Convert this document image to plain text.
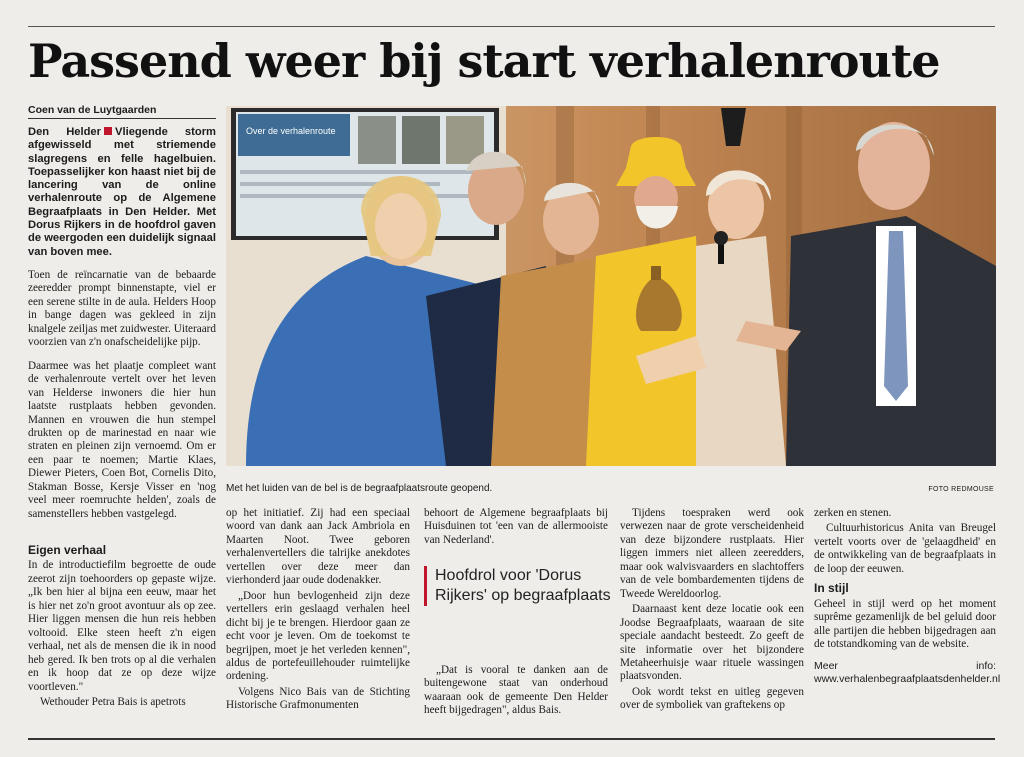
Passend weer bij start verhalenroute
Coen van de Luytgaarden

Den Helder Vliegende storm afgewisseld met striemende slagregens en felle hagelbuien. Toepasselijker kon haast niet bij de lancering van de online verhalenroute op de Algemene Begraafplaats in Den Helder. Met Dorus Rijkers in de hoofdrol gaven de weergoden een duidelijk signaal van boven mee.

Toen de reïncarnatie van de bebaarde zeeredder prompt binnenstapte, viel er een serene stilte in de aula. Helders Hoop in bange dagen was gekleed in zijn knalgele zeiljas met zuidwester. Uiteraard voorzien van z'n onafscheidelijke pijp.

Daarmee was het plaatje compleet want de verhalenroute vertelt over het leven van Helderse inwoners die hier hun laatste rustplaats hebben gevonden. Mannen en vrouwen die hun stempel drukten op de marinestad en naar wie straten en pleinen zijn vernoemd. Om er een paar te noemen; Martie Klaes, Diewer Pieters, Coen Bot, Cornelis Dito, Stakman Bosse, Kersje Visser en 'nog veel meer roemruchte helden', zoals de samenstellers hebben vastgelegd.

Eigen verhaal

In de introductiefilm begroette de oude zeerot zijn toehoorders op gepaste wijze. „Ik ben hier al bijna een eeuw, maar het is hier net zo'n groot avontuur als op zee. Hier liggen mensen die hun reis hebben voltooid. Elke steen heeft z'n eigen verhaal, net als de mensen die ik in nood heb gered. Ik ben trots op al die verhalen en ik hoop dat ze op deze wijze voortleven."

Wethouder Petra Bais is apetrots

Over de verhalenroute
Met het luiden van de bel is de begraafplaatsroute geopend.	FOTO REDMOUSE

op het initiatief. Zij had een speciaal woord van dank aan Jack Ambriola en Maarten Noot. Twee geboren verhalenvertellers die talrijke anekdotes vertellen over deze meer dan vierhonderd jaar oude dodenakker.

„Door hun bevlogenheid zijn deze vertellers erin geslaagd verhalen heel dicht bij je te brengen. Hierdoor gaan ze echt voor je leven. Om de toekomst te begrijpen, moet je het verleden kennen", aldus de portefeuillehouder ruimtelijke ordening.

Volgens Nico Bais van de Stichting Historische Grafmonumenten

behoort de Algemene begraafplaats bij Huisduinen tot 'een van de allermooiste van Nederland'.

Hoofdrol voor 'Dorus Rijkers' op begraafplaats

„Dat is vooral te danken aan de buitengewone staat van onderhoud waaraan ook de gemeente Den Helder heeft bijgedragen", aldus Bais.

Tijdens toespraken werd ook verwezen naar de grote verscheidenheid van deze bijzondere rustplaats. Hier liggen immers niet alleen zeeredders, maar ook walvisvaarders en slachtoffers van de vele bombardementen tijdens de Tweede Wereldoorlog.

Daarnaast kent deze locatie ook een Joodse Begraafplaats, waaraan de site speciale aandacht besteedt. Zo geeft de site informatie over het bijzondere Metaheerhuisje waar rituele wassingen plaatsvonden.

Ook wordt tekst en uitleg gegeven over de symboliek van graftekens op

zerken en stenen.

Cultuurhistoricus Anita van Breugel vertelt voorts over de 'gelaagdheid' en de ontwikkeling van de begraafplaats in de loop der eeuwen.

In stijl

Geheel in stijl werd op het moment suprême gezamenlijk de bel geluid door alle partijen die hebben bijgedragen aan de totstandkoming van de website.

Meer info: www.verhalenbegraafplaatsdenhelder.nl
